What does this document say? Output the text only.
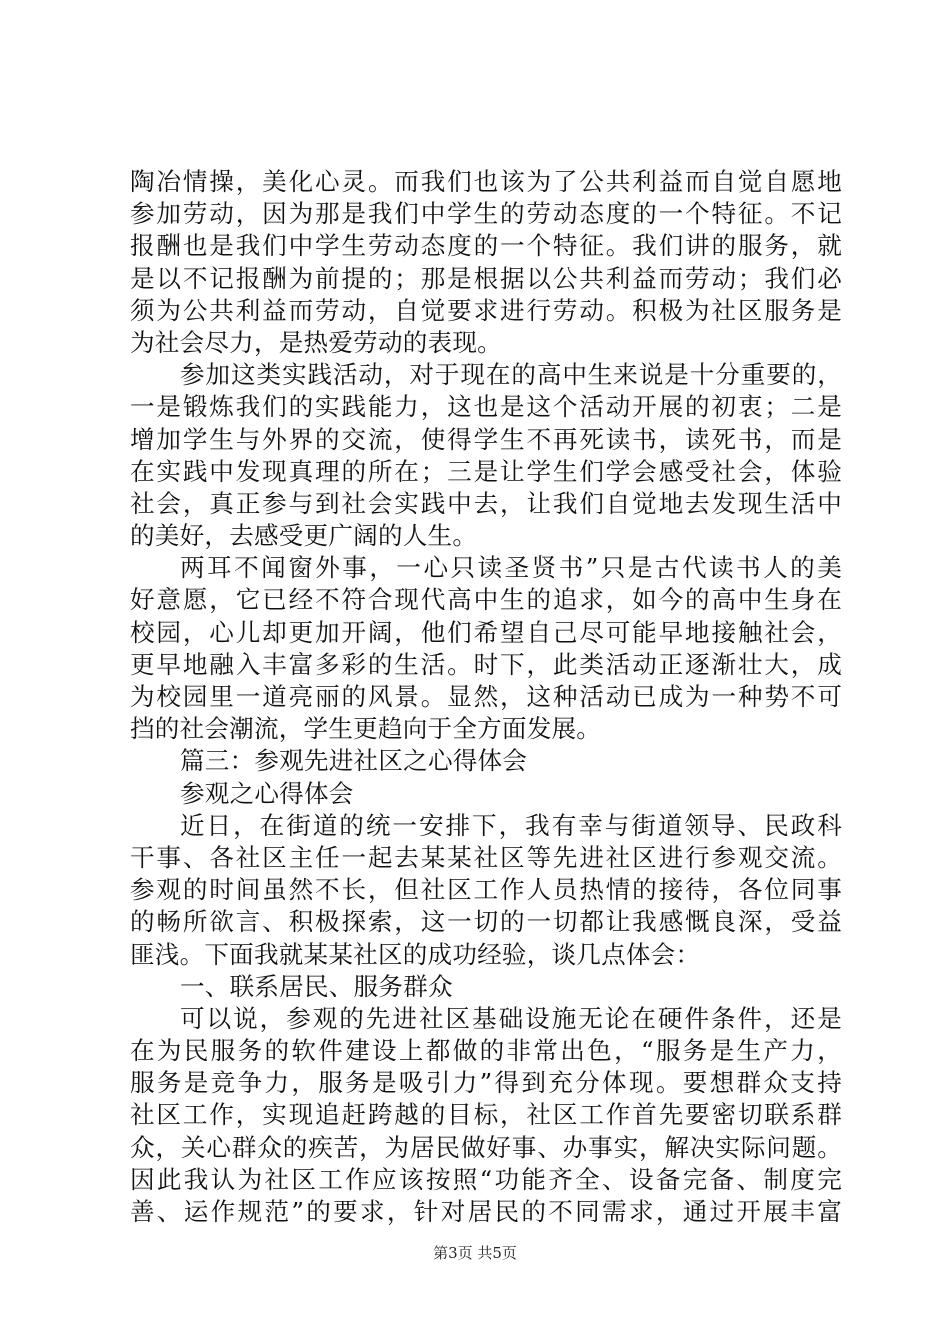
陶冶情操，美化心灵。而我们也该为了公共利益而自觉自愿地
参加劳动，因为那是我们中学生的劳动态度的一个特征。不记
报酬也是我们中学生劳动态度的一个特征。我们讲的服务，就
是以不记报酬为前提的；那是根据以公共利益而劳动；我们必
须为公共利益而劳动，自觉要求进行劳动。积极为社区服务是
为社会尽力，是热爱劳动的表现。
参加这类实践活动，对于现在的高中生来说是十分重要的，
一是锻炼我们的实践能力，这也是这个活动开展的初衷；二是
增加学生与外界的交流，使得学生不再死读书，读死书，而是
在实践中发现真理的所在；三是让学生们学会感受社会，体验
社会，真正参与到社会实践中去，让我们自觉地去发现生活中
的美好，去感受更广阔的人生。
两耳不闻窗外事，一心只读圣贤书”只是古代读书人的美
好意愿，它已经不符合现代高中生的追求，如今的高中生身在
校园，心儿却更加开阔，他们希望自己尽可能早地接触社会，
更早地融入丰富多彩的生活。时下，此类活动正逐渐壮大，成
为校园里一道亮丽的风景。显然，这种活动已成为一种势不可
挡的社会潮流，学生更趋向于全方面发展。
篇三：参观先进社区之心得体会
参观之心得体会
近日，在街道的统一安排下，我有幸与街道领导、民政科
干事、各社区主任一起去某某社区等先进社区进行参观交流。
参观的时间虽然不长，但社区工作人员热情的接待，各位同事
的畅所欲言、积极探索，这一切的一切都让我感慨良深，受益
匪浅。下面我就某某社区的成功经验，谈几点体会：
一、联系居民、服务群众
可以说，参观的先进社区基础设施无论在硬件条件，还是
在为民服务的软件建设上都做的非常出色，“服务是生产力，
服务是竞争力，服务是吸引力”得到充分体现。要想群众支持
社区工作，实现追赶跨越的目标，社区工作首先要密切联系群
众，关心群众的疾苦，为居民做好事、办事实，解决实际问题。
因此我认为社区工作应该按照“功能齐全、设备完备、制度完
善、运作规范”的要求，针对居民的不同需求，通过开展丰富
第3页 共5页
